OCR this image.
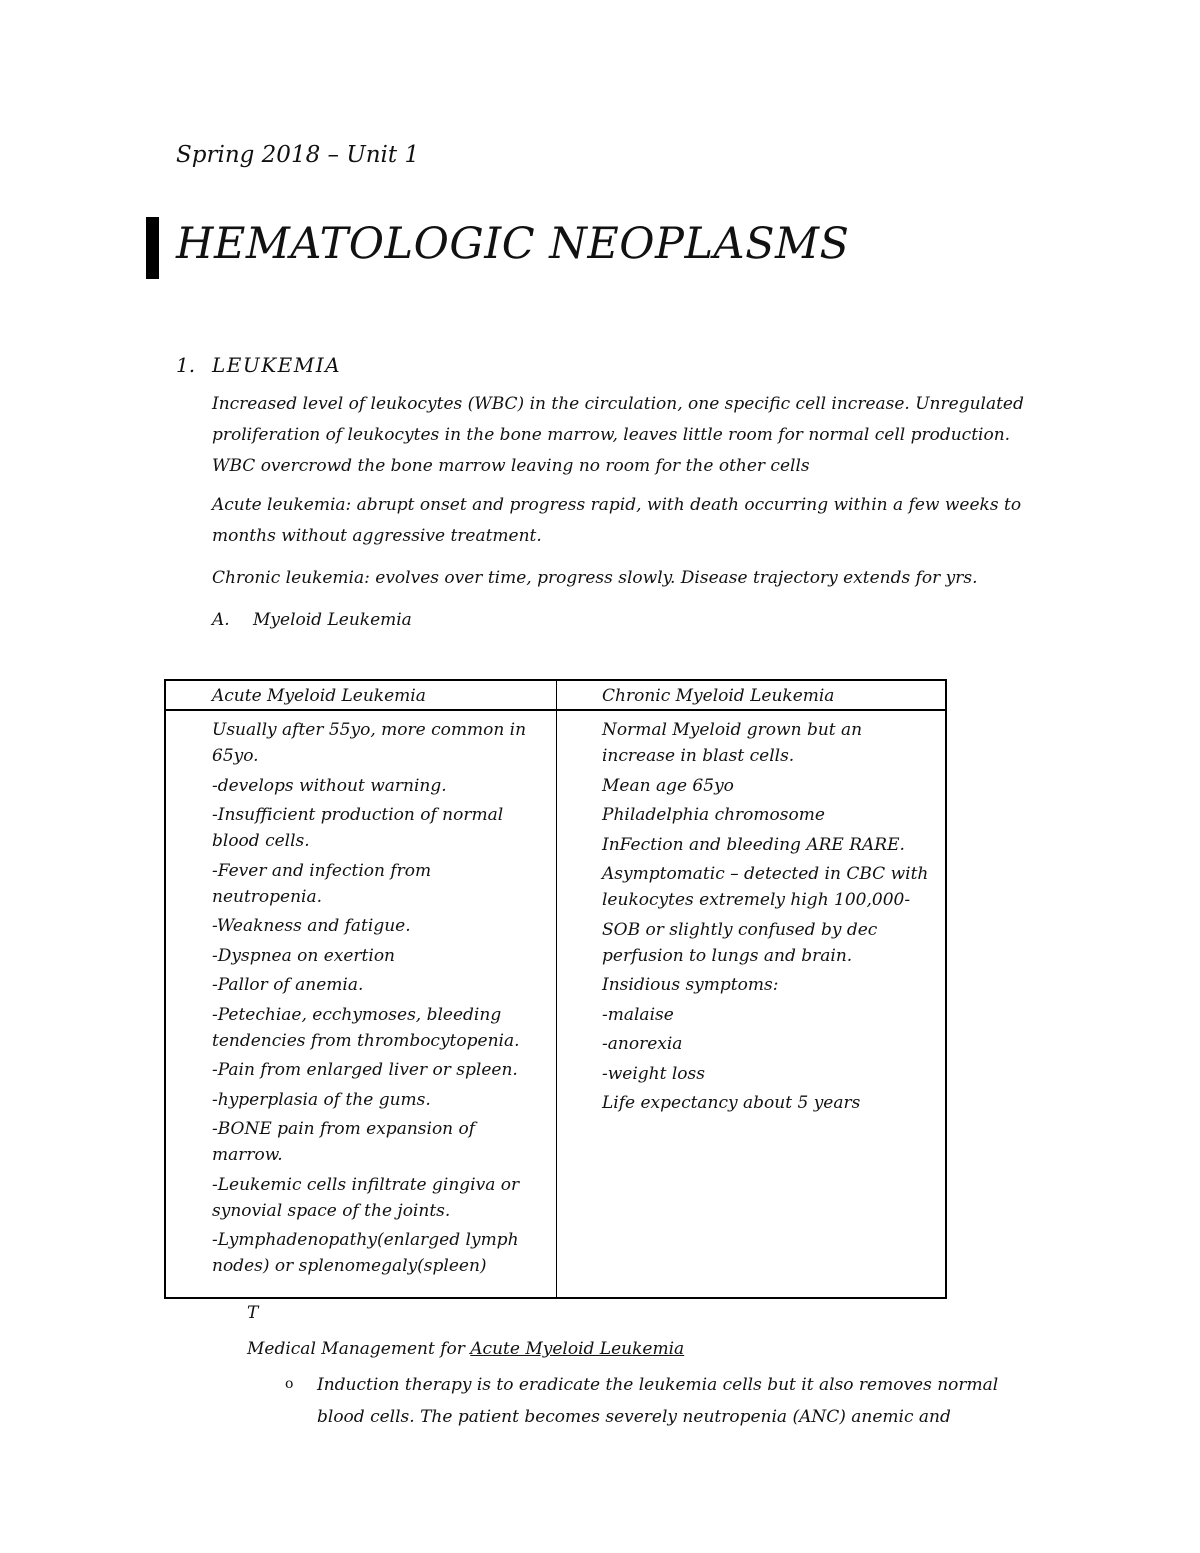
Spring 2018 – Unit 1
HEMATOLOGIC NEOPLASMS
1. LEUKEMIA
Increased level of leukocytes (WBC) in the circulation, one specific cell increase. Unregulated proliferation of leukocytes in the bone marrow, leaves little room for normal cell production. WBC overcrowd the bone marrow leaving no room for the other cells
Acute leukemia: abrupt onset and progress rapid, with death occurring within a few weeks to months without aggressive treatment.
Chronic leukemia: evolves over time, progress slowly. Disease trajectory extends for yrs.
A. Myeloid Leukemia
Acute Myeloid Leukemia	Chronic Myeloid Leukemia
Usually after 55yo, more common in 65yo.
-develops without warning.
-Insufficient production of normal blood cells.
-Fever and infection from neutropenia.
-Weakness and fatigue.
-Dyspnea on exertion
-Pallor of anemia.
-Petechiae, ecchymoses, bleeding tendencies from thrombocytopenia.
-Pain from enlarged liver or spleen.
-hyperplasia of the gums.
-BONE pain from expansion of marrow.
-Leukemic cells infiltrate gingiva or synovial space of the joints.
-Lymphadenopathy(enlarged lymph nodes) or splenomegaly(spleen)
Normal Myeloid grown but an increase in blast cells.
Mean age 65yo
Philadelphia chromosome
InFection and bleeding ARE RARE.
Asymptomatic – detected in CBC with leukocytes extremely high 100,000-
SOB or slightly confused by dec perfusion to lungs and brain.
Insidious symptoms:
-malaise
-anorexia
-weight loss
Life expectancy about 5 years
T
Medical Management for Acute Myeloid Leukemia
o Induction therapy is to eradicate the leukemia cells but it also removes normal blood cells. The patient becomes severely neutropenia (ANC) anemic and
